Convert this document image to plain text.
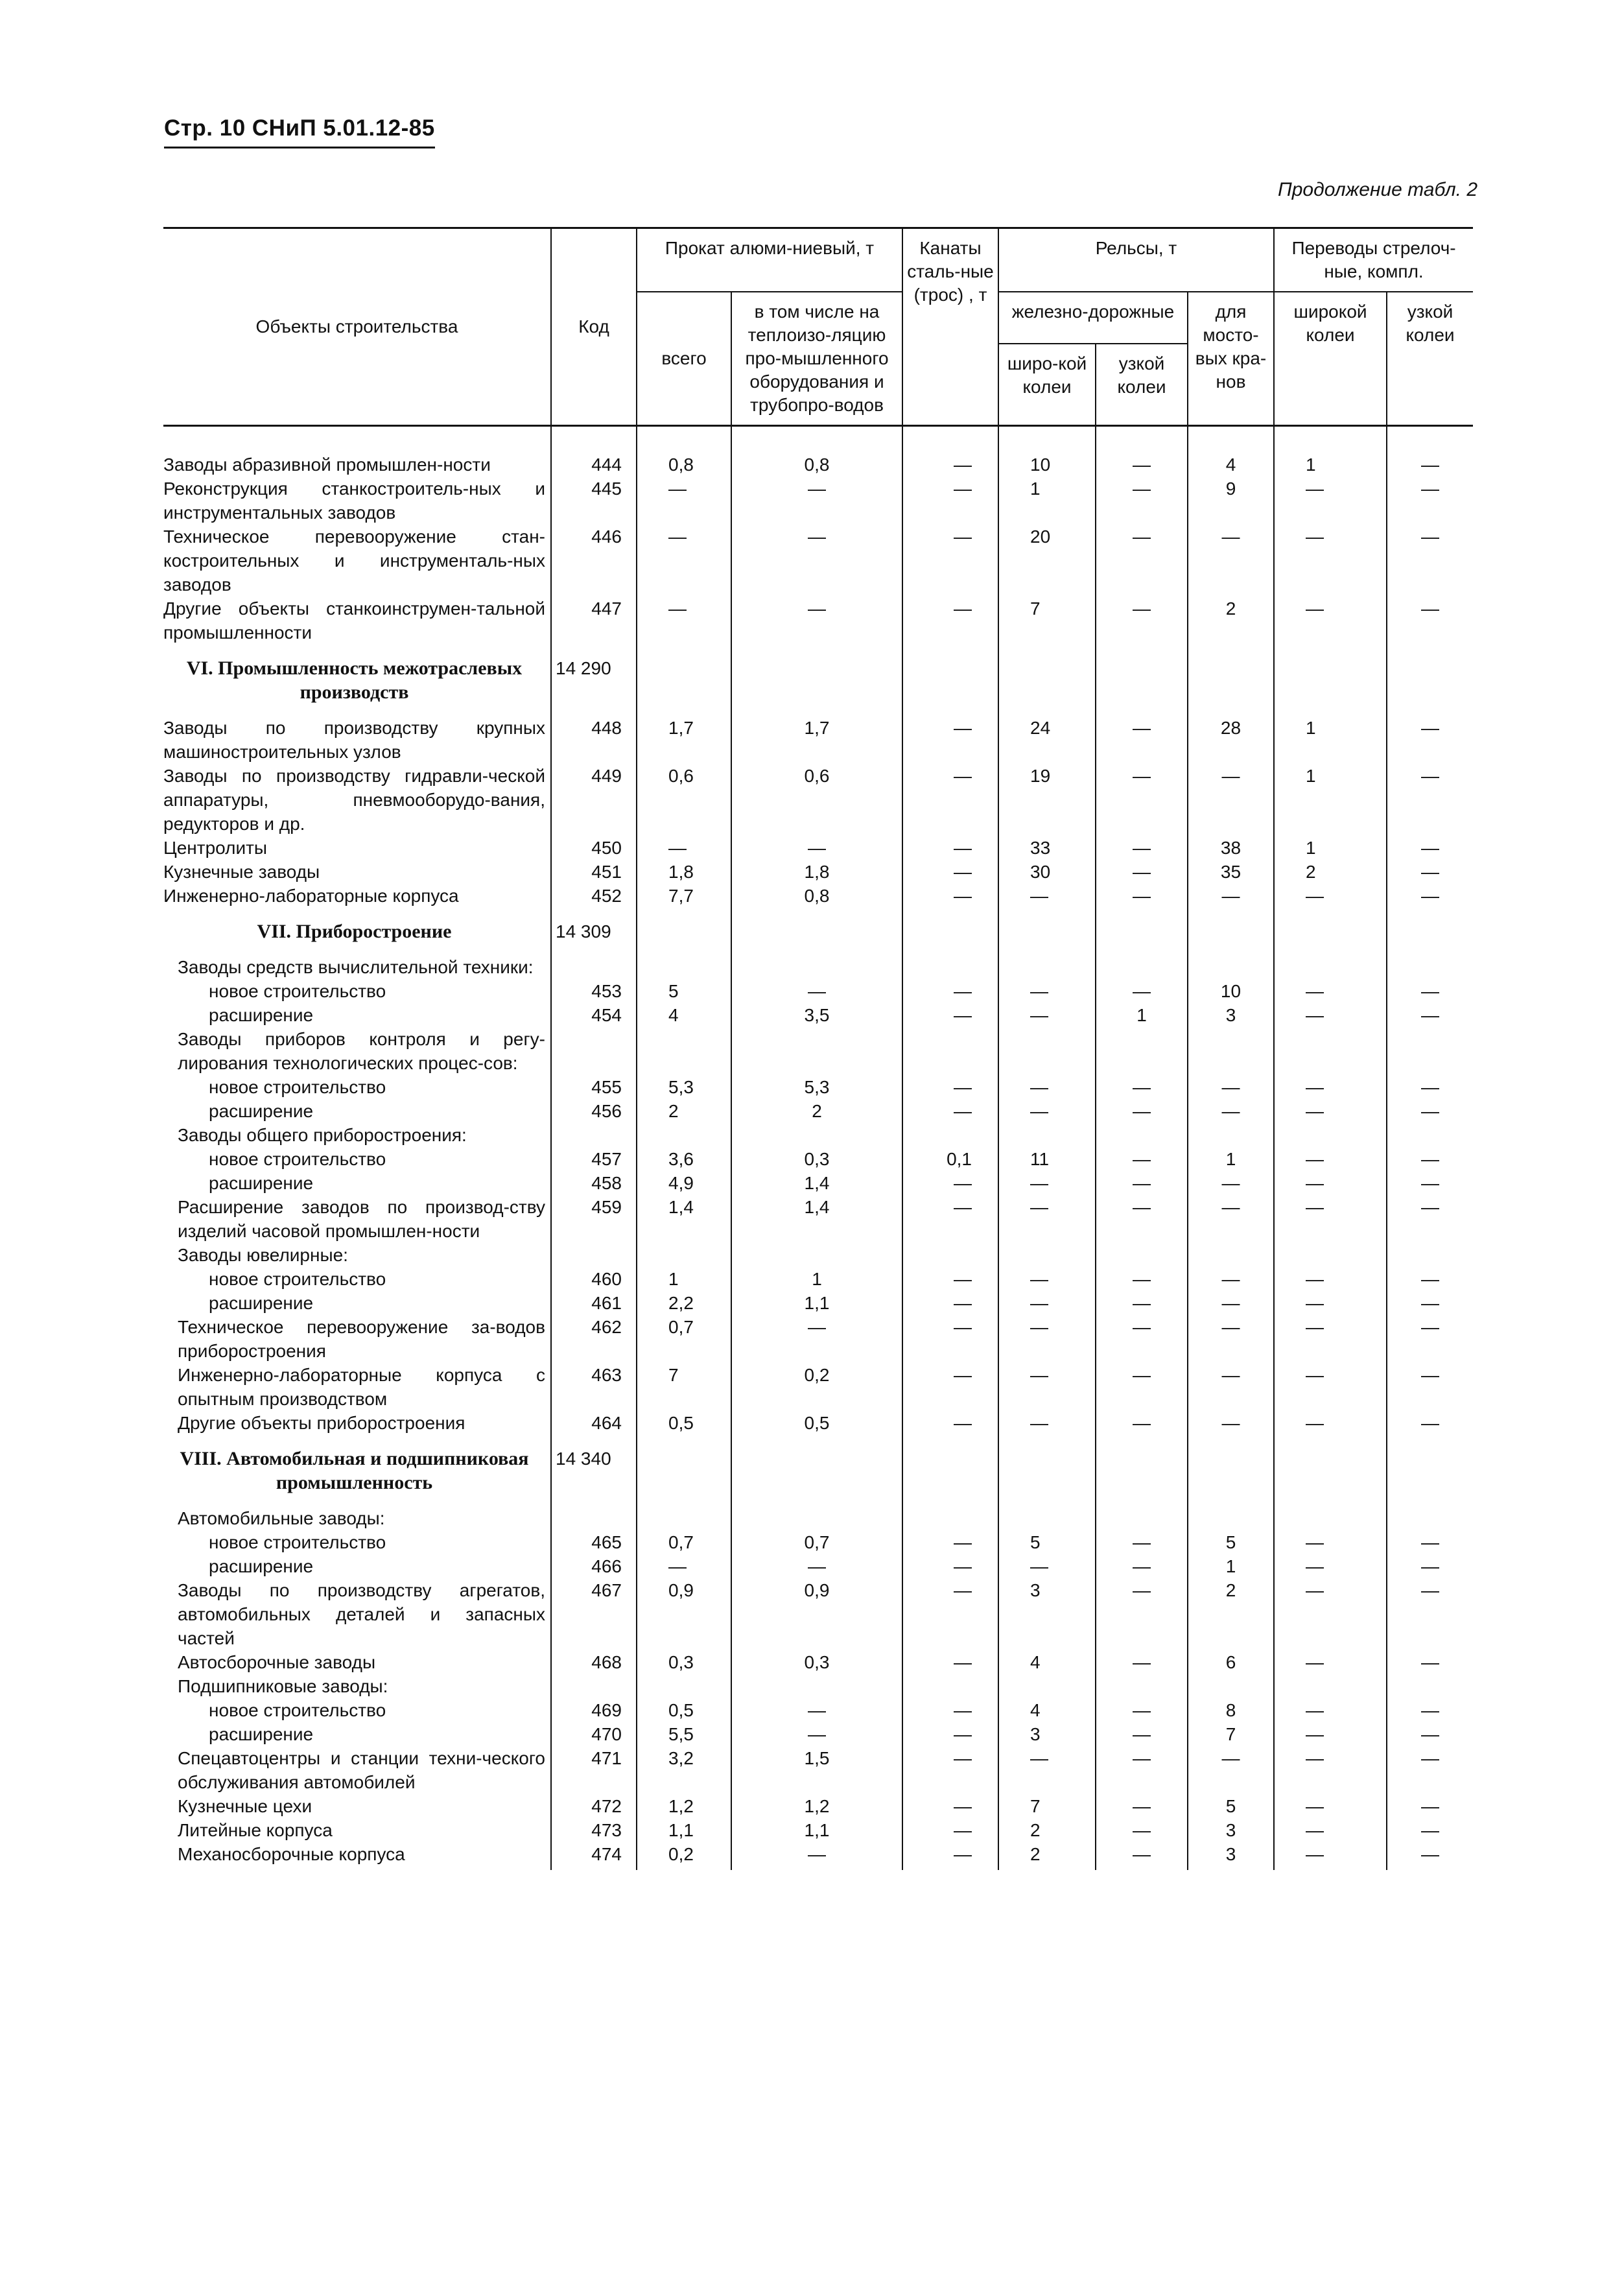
Стр. 10 СНиП 5.01.12-85
Продолжение табл. 2
Объекты строительства	Код	Прокат алюми-ниевый, т		Канаты сталь-ные (трос) , т	Рельсы, т			Переводы стрелоч-ные, компл.	
		всего	в том числе на теплоизо-ляцию про-мышленного оборудования и трубопро-водов		железно-дорожные		для мосто-вых кра-нов	широкой колеи	узкой колеи
					широ-кой колеи	узкой колеи			
Заводы абразивной промышлен-ности	444	0,8	0,8	—	10	—	4	1	—
Реконструкция станкостроитель-ных и инструментальных заводов	445	—	—	—	1	—	9	—	—
Техническое перевооружение стан-костроительных и инструменталь-ных заводов	446	—	—	—	20	—	—	—	—
Другие объекты станкоинструмен-тальной промышленности	447	—	—	—	7	—	2	—	—
VI. Промышленность межотраслевых производств	14 290								
Заводы по производству крупных машиностроительных узлов	448	1,7	1,7	—	24	—	28	1	—
Заводы по производству гидравли-ческой аппаратуры, пневмооборудо-вания, редукторов и др.	449	0,6	0,6	—	19	—	—	1	—
Центролиты	450	—	—	—	33	—	38	1	—
Кузнечные заводы	451	1,8	1,8	—	30	—	35	2	—
Инженерно-лабораторные корпуса	452	7,7	0,8	—	—	—	—	—	—
VII. Приборостроение	14 309								
Заводы средств вычислительной техники:									
новое строительство	453	5	—	—	—	—	10	—	—
расширение	454	4	3,5	—	—	1	3	—	—
Заводы приборов контроля и регу-лирования технологических процес-сов:									
новое строительство	455	5,3	5,3	—	—	—	—	—	—
расширение	456	2	2	—	—	—	—	—	—
Заводы общего приборостроения:									
новое строительство	457	3,6	0,3	0,1	11	—	1	—	—
расширение	458	4,9	1,4	—	—	—	—	—	—
Расширение заводов по производ-ству изделий часовой промышлен-ности	459	1,4	1,4	—	—	—	—	—	—
Заводы ювелирные:									
новое строительство	460	1	1	—	—	—	—	—	—
расширение	461	2,2	1,1	—	—	—	—	—	—
Техническое перевооружение за-водов приборостроения	462	0,7	—	—	—	—	—	—	—
Инженерно-лабораторные корпуса с опытным производством	463	7	0,2	—	—	—	—	—	—
Другие объекты приборостроения	464	0,5	0,5	—	—	—	—	—	—
VIII. Автомобильная и подшипниковая промышленность	14 340								
Автомобильные заводы:									
новое строительство	465	0,7	0,7	—	5	—	5	—	—
расширение	466	—	—	—	—	—	1	—	—
Заводы по производству агрегатов, автомобильных деталей и запасных частей	467	0,9	0,9	—	3	—	2	—	—
Автосборочные заводы	468	0,3	0,3	—	4	—	6	—	—
Подшипниковые заводы:									
новое строительство	469	0,5	—	—	4	—	8	—	—
расширение	470	5,5	—	—	3	—	7	—	—
Спецавтоцентры и станции техни-ческого обслуживания автомобилей	471	3,2	1,5	—	—	—	—	—	—
Кузнечные цехи	472	1,2	1,2	—	7	—	5	—	—
Литейные корпуса	473	1,1	1,1	—	2	—	3	—	—
Механосборочные корпуса	474	0,2	—	—	2	—	3	—	—
